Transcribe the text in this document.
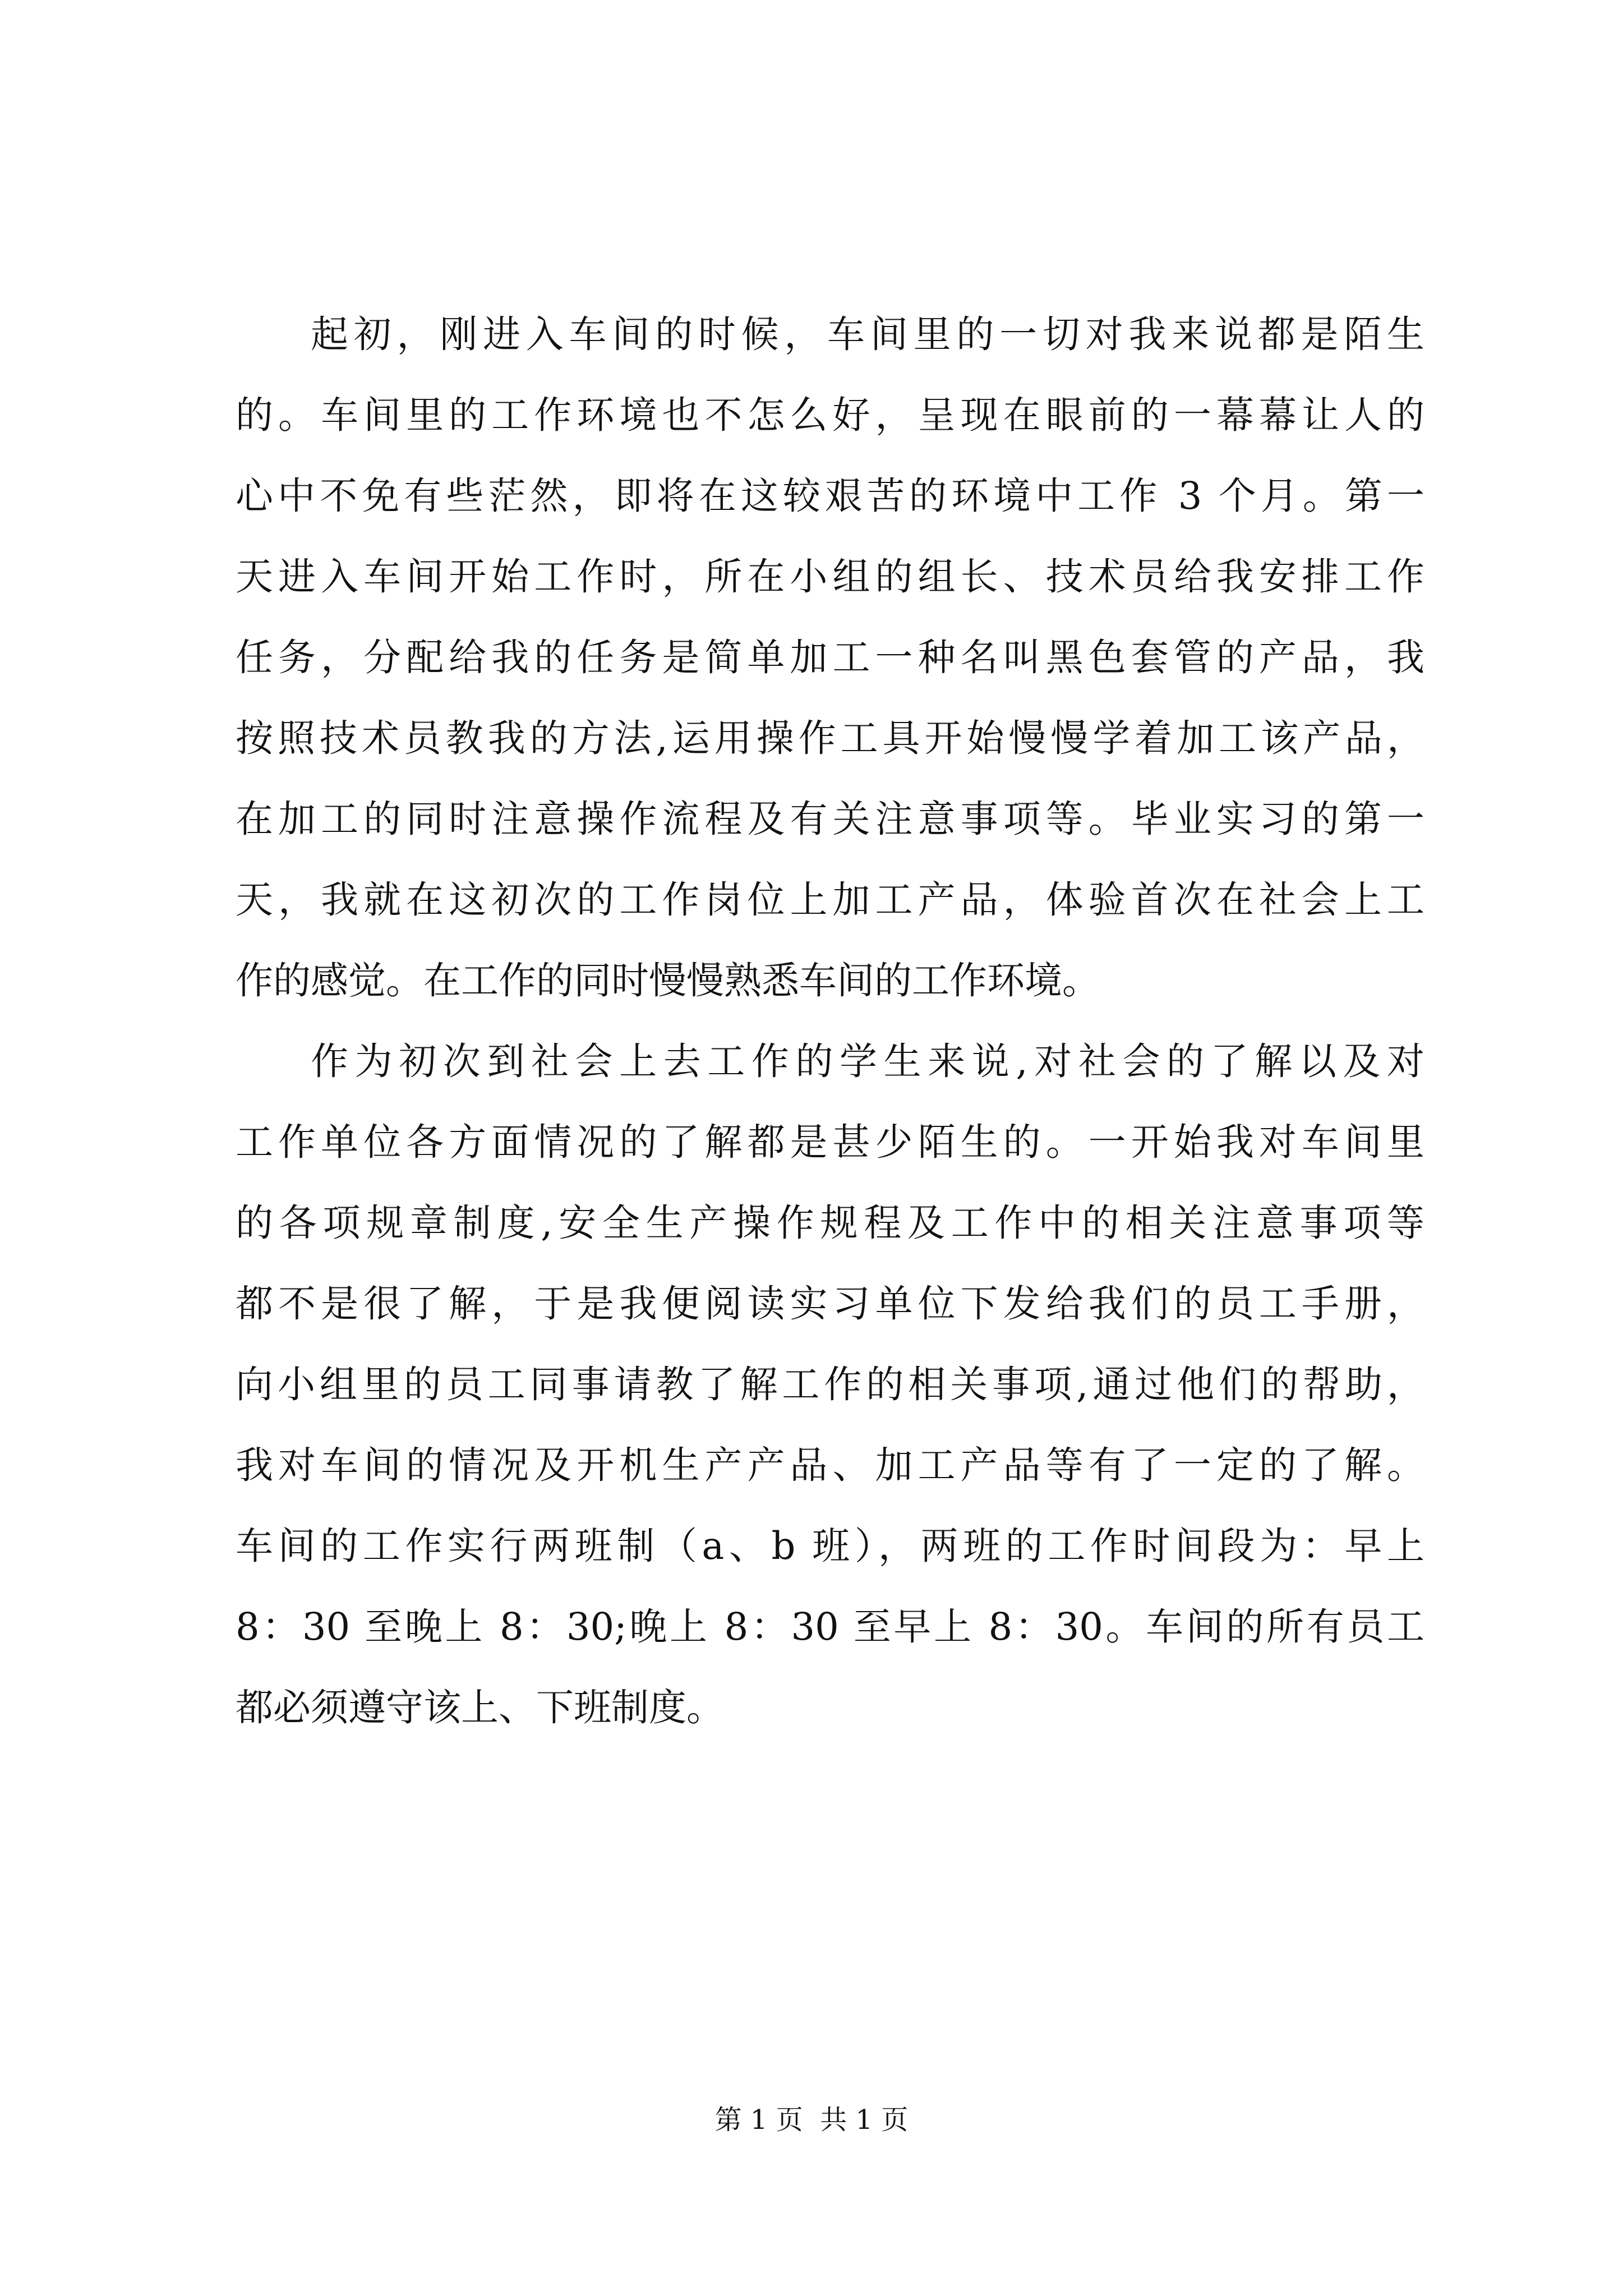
起初，刚进入车间的时候，车间里的一切对我来说都是陌生
的。车间里的工作环境也不怎么好，呈现在眼前的一幕幕让人的
心中不免有些茫然，即将在这较艰苦的环境中工作 3 个月。第一
天进入车间开始工作时，所在小组的组长、技术员给我安排工作
任务，分配给我的任务是简单加工一种名叫黑色套管的产品，我
按照技术员教我的方法,运用操作工具开始慢慢学着加工该产品，
在加工的同时注意操作流程及有关注意事项等。毕业实习的第一
天，我就在这初次的工作岗位上加工产品，体验首次在社会上工
作的感觉。在工作的同时慢慢熟悉车间的工作环境。
作为初次到社会上去工作的学生来说,对社会的了解以及对
工作单位各方面情况的了解都是甚少陌生的。一开始我对车间里
的各项规章制度,安全生产操作规程及工作中的相关注意事项等
都不是很了解，于是我便阅读实习单位下发给我们的员工手册，
向小组里的员工同事请教了解工作的相关事项,通过他们的帮助，
我对车间的情况及开机生产产品、加工产品等有了一定的了解。
车间的工作实行两班制（a、b 班），两班的工作时间段为：早上
8：30 至晚上 8：30;晚上 8：30 至早上 8：30。车间的所有员工
都必须遵守该上、下班制度。
第 1 页  共 1 页
